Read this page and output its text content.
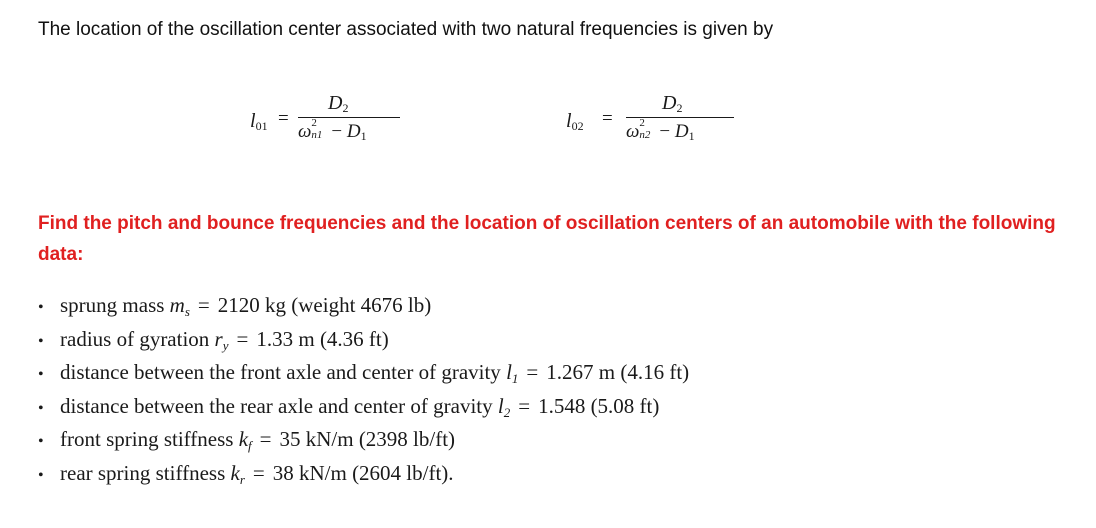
The location of the oscillation center associated with two natural frequencies is given by
$l_{01}$ =
$D_2$
ω 2
$n1 - D_1$
$l_{02}$ =
$D_2$
ω 2
$n2 - D_1$
Find the pitch and bounce frequencies and the location of oscillation centers of an automobile with the following data:
• sprung mass $m_s = 2120$ kg (weight 4676 lb)
• radius of gyration $r_y = 1.33$ m (4.36 ft)
• distance between the front axle and center of gravity $l_1 = 1.267$ m (4.16 ft)
• distance between the rear axle and center of gravity $l_2 = 1.548$ (5.08 ft)
• front spring stiffness $k_f = 35$ kN/m (2398 lb/ft)
• rear spring stiffness $k_r = 38$ kN/m (2604 lb/ft).
